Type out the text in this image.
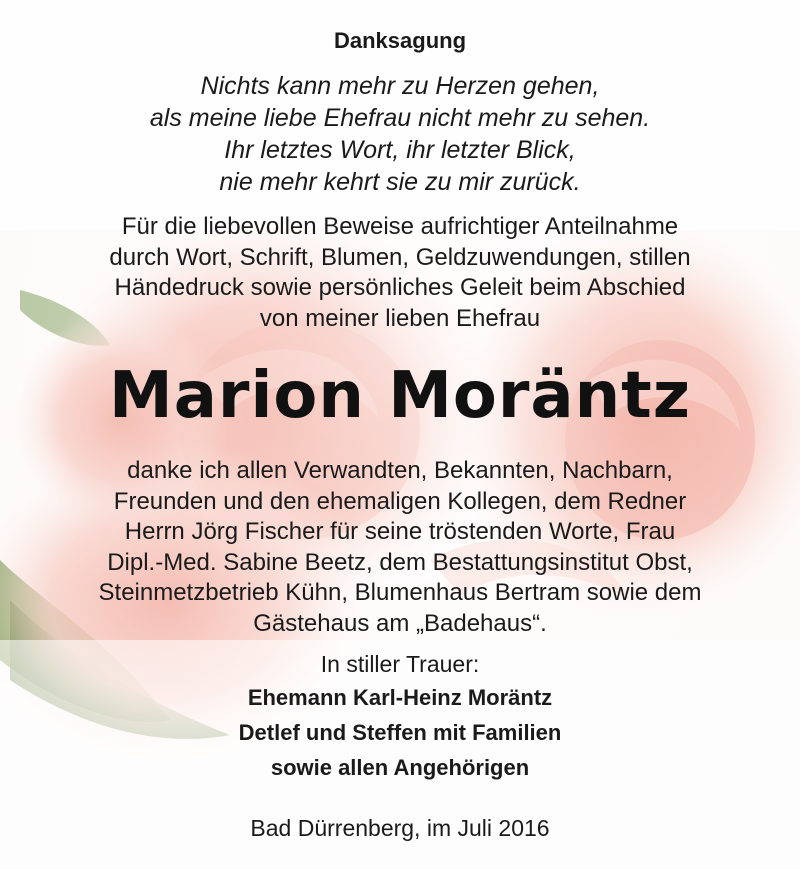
Danksagung
Nichts kann mehr zu Herzen gehen,
als meine liebe Ehefrau nicht mehr zu sehen.
Ihr letztes Wort, ihr letzter Blick,
nie mehr kehrt sie zu mir zurück.
Für die liebevollen Beweise aufrichtiger Anteilnahme
durch Wort, Schrift, Blumen, Geldzuwendungen, stillen
Händedruck sowie persönliches Geleit beim Abschied
von meiner lieben Ehefrau
Marion Moräntz
danke ich allen Verwandten, Bekannten, Nachbarn,
Freunden und den ehemaligen Kollegen, dem Redner
Herrn Jörg Fischer für seine tröstenden Worte, Frau
Dipl.-Med. Sabine Beetz, dem Bestattungsinstitut Obst,
Steinmetzbetrieb Kühn, Blumenhaus Bertram sowie dem
Gästehaus am „Badehaus“.
In stiller Trauer:
Ehemann Karl-Heinz Moräntz
Detlef und Steffen mit Familien
sowie allen Angehörigen
Bad Dürrenberg, im Juli 2016
